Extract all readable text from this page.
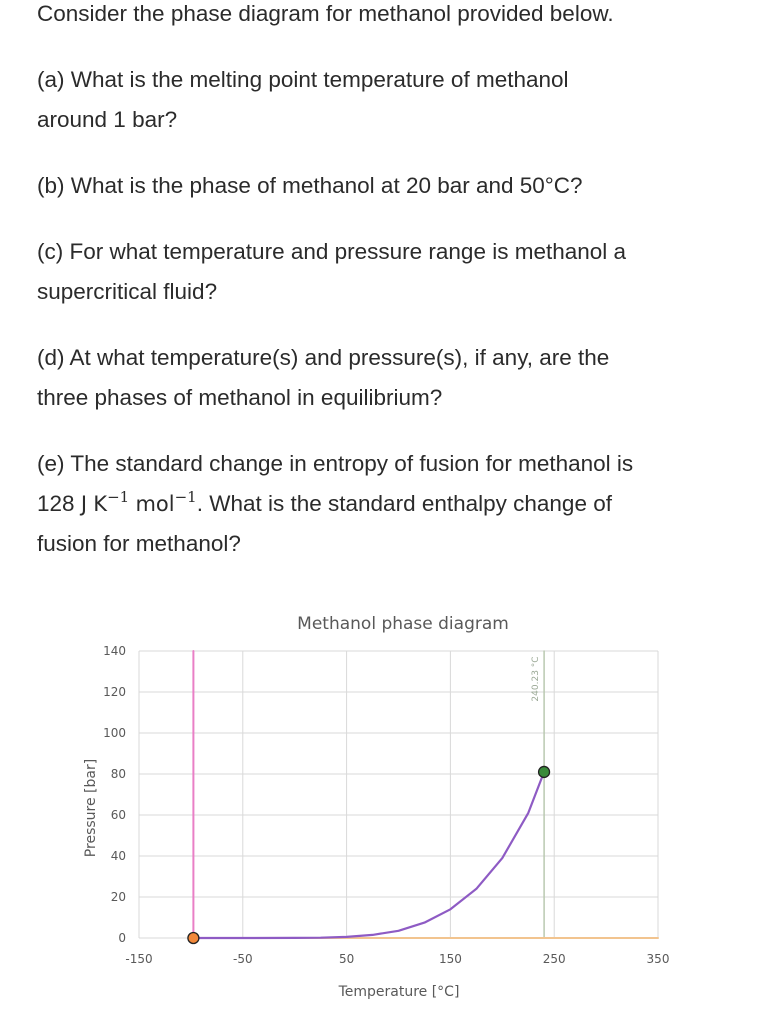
Consider the phase diagram for methanol provided below.

(a) What is the melting point temperature of methanol
around 1 bar?

(b) What is the phase of methanol at 20 bar and 50°C?

(c) For what temperature and pressure range is methanol a
supercritical fluid?

(d) At what temperature(s) and pressure(s), if any, are the
three phases of methanol in equilibrium?

(e) The standard change in entropy of fusion for methanol is
128 J $K^{-1}$ mol$^{-1}$. What is the standard enthalpy change of
fusion for methanol?

Methanol phase diagram
Temperature [°C]
Pressure [bar]
-150	-50	50	150	250	350
0
20
40
60
80
100
120
140
240.23 °C
